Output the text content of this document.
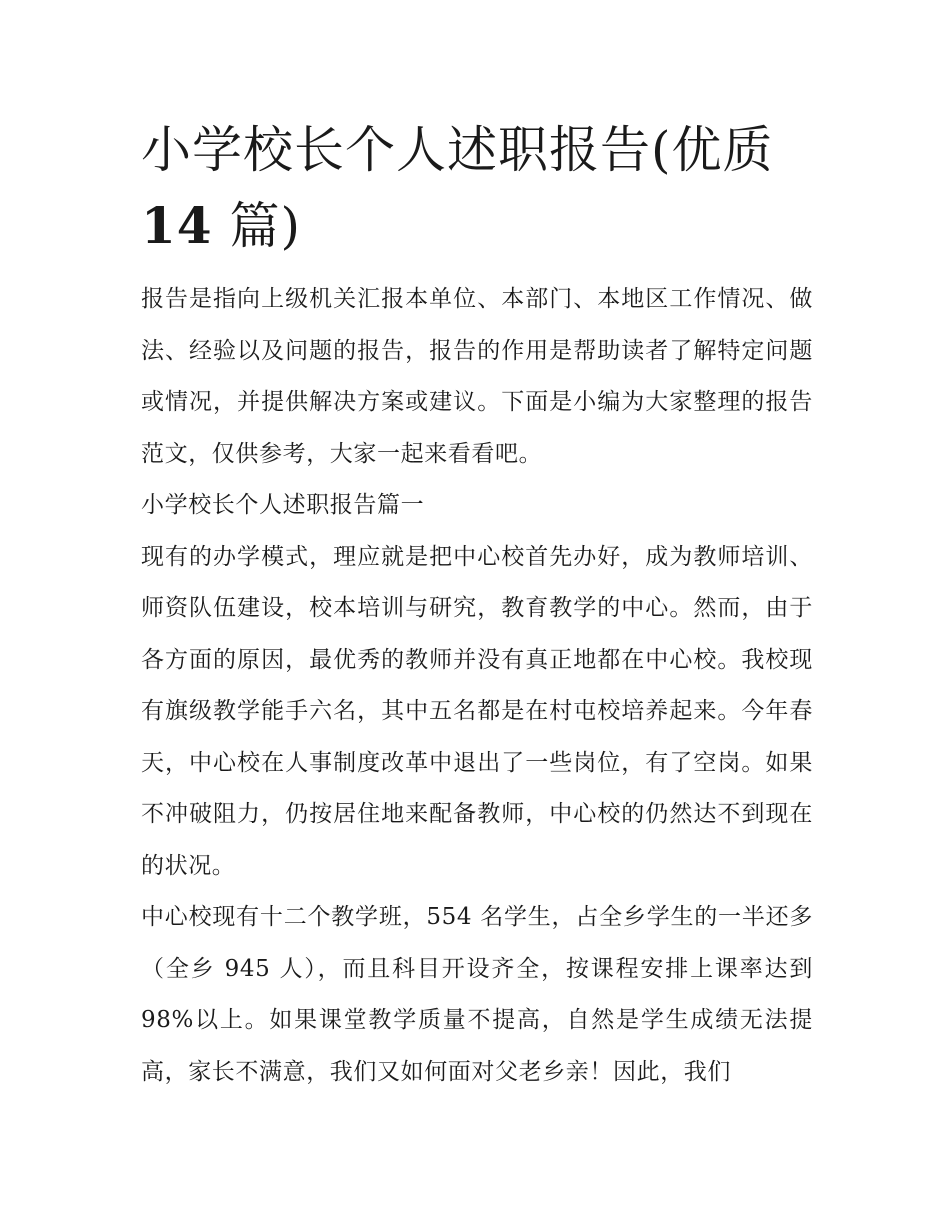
小学校长个人述职报告(优质
14 篇)

报告是指向上级机关汇报本单位、本部门、本地区工作情况、做法、经验以及问题的报告，报告的作用是帮助读者了解特定问题或情况，并提供解决方案或建议。下面是小编为大家整理的报告范文，仅供参考，大家一起来看看吧。

小学校长个人述职报告篇一

现有的办学模式，理应就是把中心校首先办好，成为教师培训、师资队伍建设，校本培训与研究，教育教学的中心。然而，由于各方面的原因，最优秀的教师并没有真正地都在中心校。我校现有旗级教学能手六名，其中五名都是在村屯校培养起来。今年春天，中心校在人事制度改革中退出了一些岗位，有了空岗。如果不冲破阻力，仍按居住地来配备教师，中心校的仍然达不到现在的状况。

中心校现有十二个教学班，554 名学生，占全乡学生的一半还多（全乡 945 人），而且科目开设齐全，按课程安排上课率达到 98%以上。如果课堂教学质量不提高，自然是学生成绩无法提高，家长不满意，我们又如何面对父老乡亲！因此，我们
